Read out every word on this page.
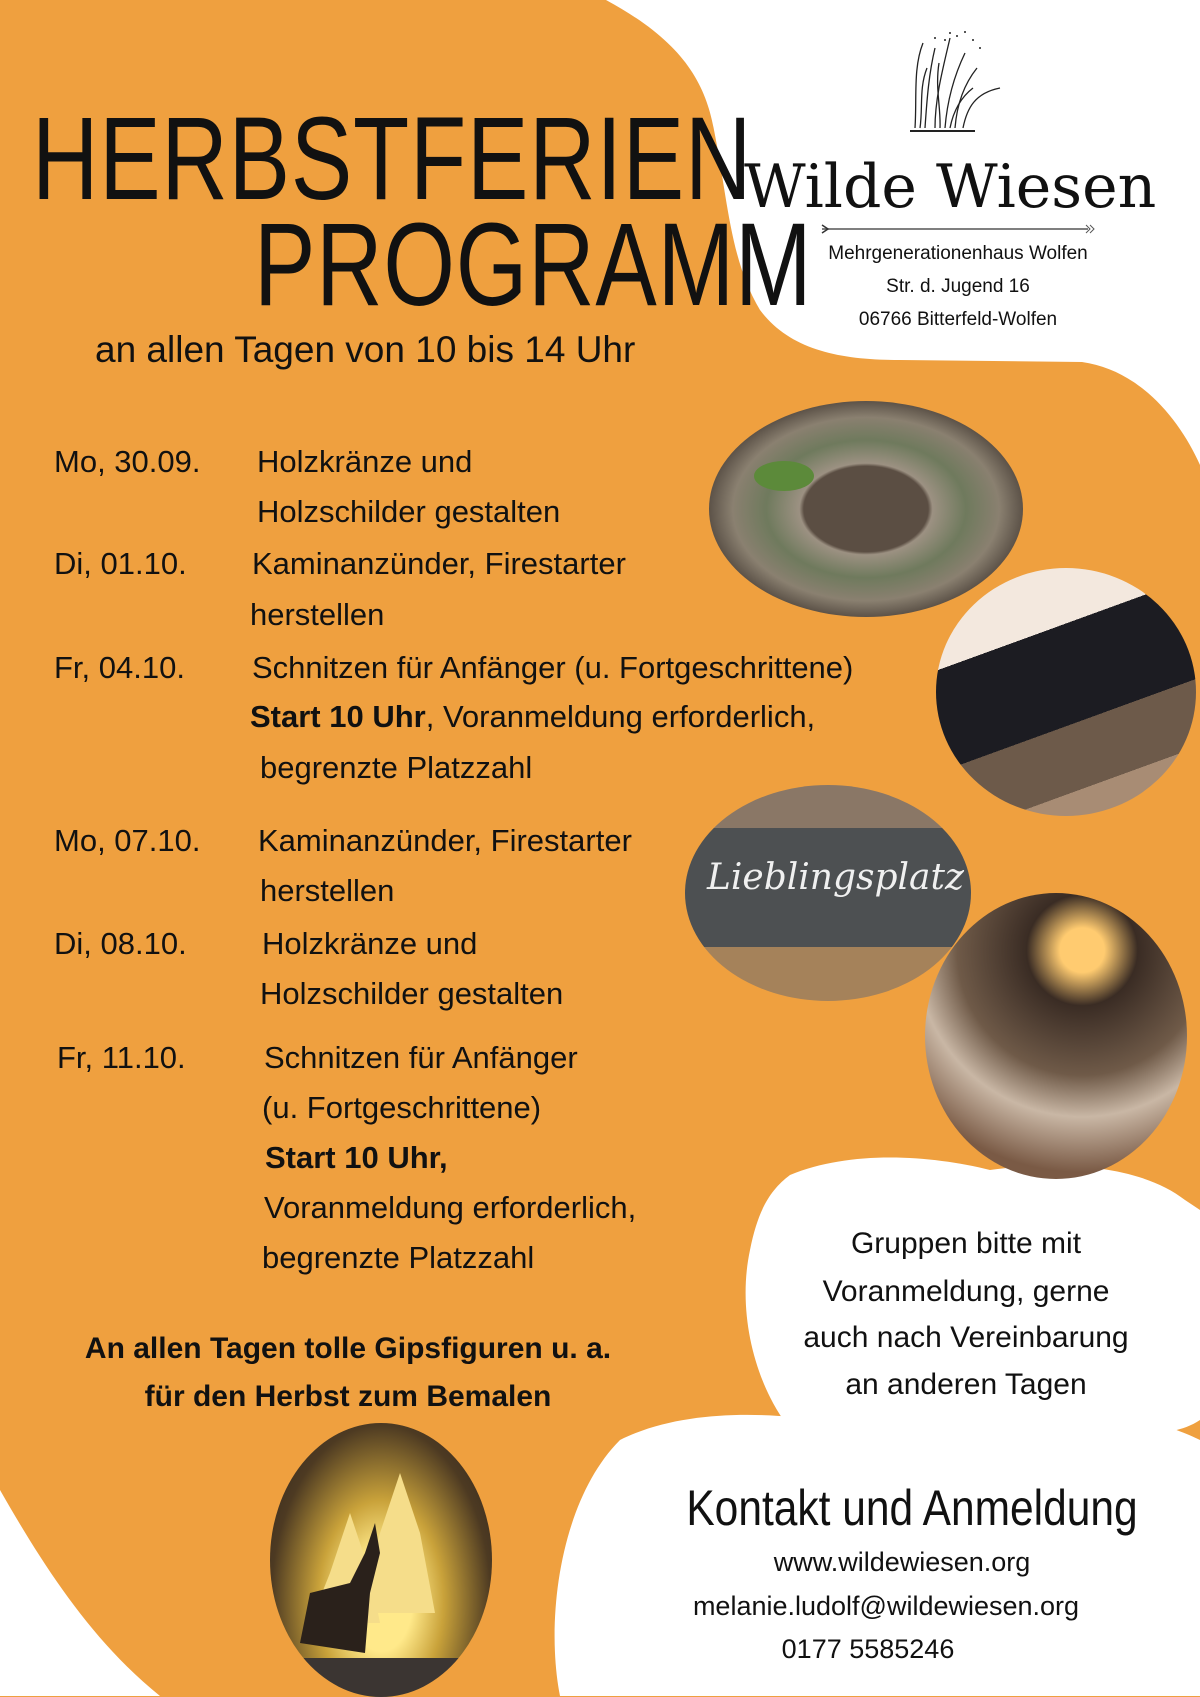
HERBSTFERIEN
PROGRAMM
an allen Tagen von 10 bis 14 Uhr
Wilde Wiesen
Mehrgenerationenhaus Wolfen
Str. d. Jugend 16
06766 Bitterfeld-Wolfen
Mo, 30.09. Holzkränze und
Holzschilder gestalten
Di, 01.10. Kaminanzünder, Firestarter
herstellen
Fr, 04.10. Schnitzen für Anfänger (u. Fortgeschrittene)
Start 10 Uhr, Voranmeldung erforderlich,
begrenzte Platzzahl
Mo, 07.10. Kaminanzünder, Firestarter
herstellen
Di, 08.10. Holzkränze und
Holzschilder gestalten
Fr, 11.10.	Schnitzen für Anfänger
(u. Fortgeschrittene)
Start 10 Uhr,
Voranmeldung erforderlich,
begrenzte Platzzahl
An allen Tagen tolle Gipsfiguren u. a.
für den Herbst zum Bemalen
Gruppen bitte mit
Voranmeldung, gerne
auch nach Vereinbarung
an anderen Tagen
Kontakt und Anmeldung
www.wildewiesen.org
melanie.ludolf@wildewiesen.org
0177 5585246
Lieblingsplatz
